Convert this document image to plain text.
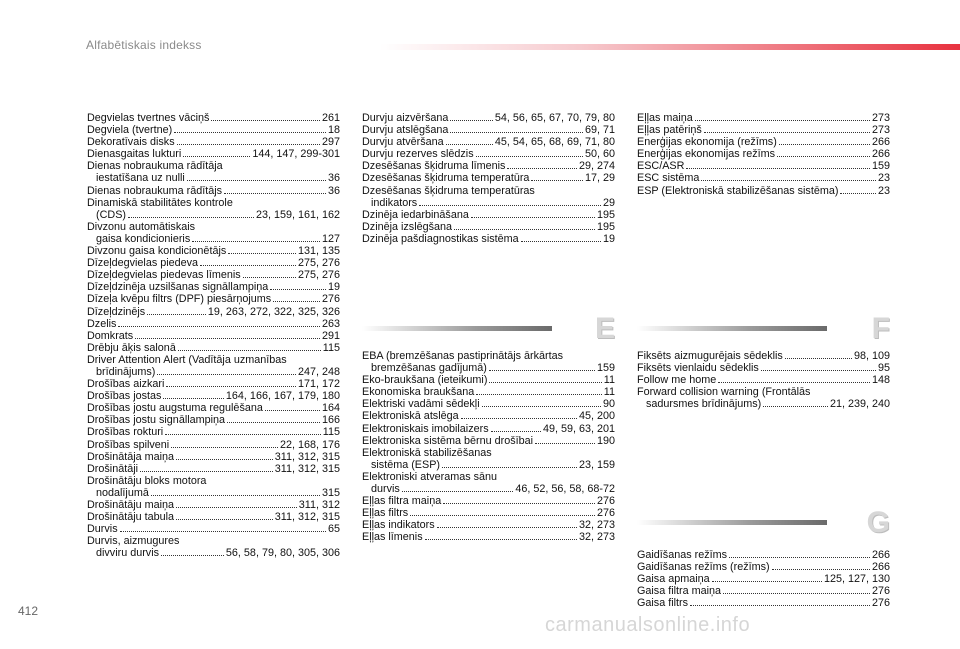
Alfabētiskais indekss
Degvielas tvertnes vāciņš	261
Degviela (tvertne)	18
Dekoratīvais disks	297
Dienasgaitas lukturi	144, 147, 299-301
Dienas nobraukuma rādītāja
iestatīšana uz nulli	36
Dienas nobraukuma rādītājs	36
Dinamiskā stabilitātes kontrole
(CDS)	23, 159, 161, 162
Divzonu automātiskais
gaisa kondicionieris	127
Divzonu gaisa kondicionētājs	131, 135
Dīzeļdegvielas piedeva	275, 276
Dīzeļdegvielas piedevas līmenis	275, 276
Dīzeļdzinēja uzsilšanas signāllampiņa	19
Dīzeļa kvēpu filtrs (DPF) piesārņojums	276
Dīzeļdzinējs	19, 263, 272, 322, 325, 326
Dzelis	263
Domkrats	291
Drēbju āķis salonā	115
Driver Attention Alert (Vadītāja uzmanības
brīdinājums)	247, 248
Drošības aizkari	171, 172
Drošības jostas	164, 166, 167, 179, 180
Drošības jostu augstuma regulēšana	164
Drošības jostu signāllampiņa	166
Drošības rokturi	115
Drošības spilveni	22, 168, 176
Drošinātāja maiņa	311, 312, 315
Drošinātāji	311, 312, 315
Drošinātāju bloks motora
nodalījumā	315
Drošinātāju maiņa	311, 312
Drošinātāju tabula	311, 312, 315
Durvis	65
Durvis, aizmugures
divviru durvis	56, 58, 79, 80, 305, 306
Durvju aizvēršana	54, 56, 65, 67, 70, 79, 80
Durvju atslēgšana	69, 71
Durvju atvēršana	45, 54, 65, 68, 69, 71, 80
Durvju rezerves slēdzis	50, 60
Dzesēšanas šķidruma līmenis	29, 274
Dzesēšanas šķidruma temperatūra	17, 29
Dzesēšanas šķidruma temperatūras
indikators	29
Dzinēja iedarbināšana	195
Dzinēja izslēgšana	195
Dzinēja pašdiagnostikas sistēma	19
E
EBA (bremzēšanas pastiprinātājs ārkārtas
bremzēšanas gadījumā)	159
Eko-braukšana (ieteikumi)	11
Ekonomiska braukšana	11
Elektriski vadāmi sēdekļi	90
Elektroniskā atslēga	45, 200
Elektroniskais imobilaizers	49, 59, 63, 201
Elektroniska sistēma bērnu drošībai	190
Elektroniskā stabilizēšanas
sistēma (ESP)	23, 159
Elektroniski atveramas sānu
durvis	46, 52, 56, 58, 68-72
Eļļas filtra maiņa	276
Eļļas filtrs	276
Eļļas indikators	32, 273
Eļļas līmenis	32, 273
Eļļas maiņa	273
Eļļas patēriņš	273
Enerģijas ekonomija (režīms)	266
Enerģijas ekonomijas režīms	266
ESC/ASR	159
ESC sistēma	23
ESP (Elektroniskā stabilizēšanas sistēma)	23
F
Fiksēts aizmugurējais sēdeklis	98, 109
Fiksēts vienlaidu sēdeklis	95
Follow me home	148
Forward collision warning (Frontālās
sadursmes brīdinājums)	21, 239, 240
G
Gaidīšanas režīms	266
Gaidīšanas režīms (režīms)	266
Gaisa apmaiņa	125, 127, 130
Gaisa filtra maiņa	276
Gaisa filtrs	276
412
carmanualsonline.info
